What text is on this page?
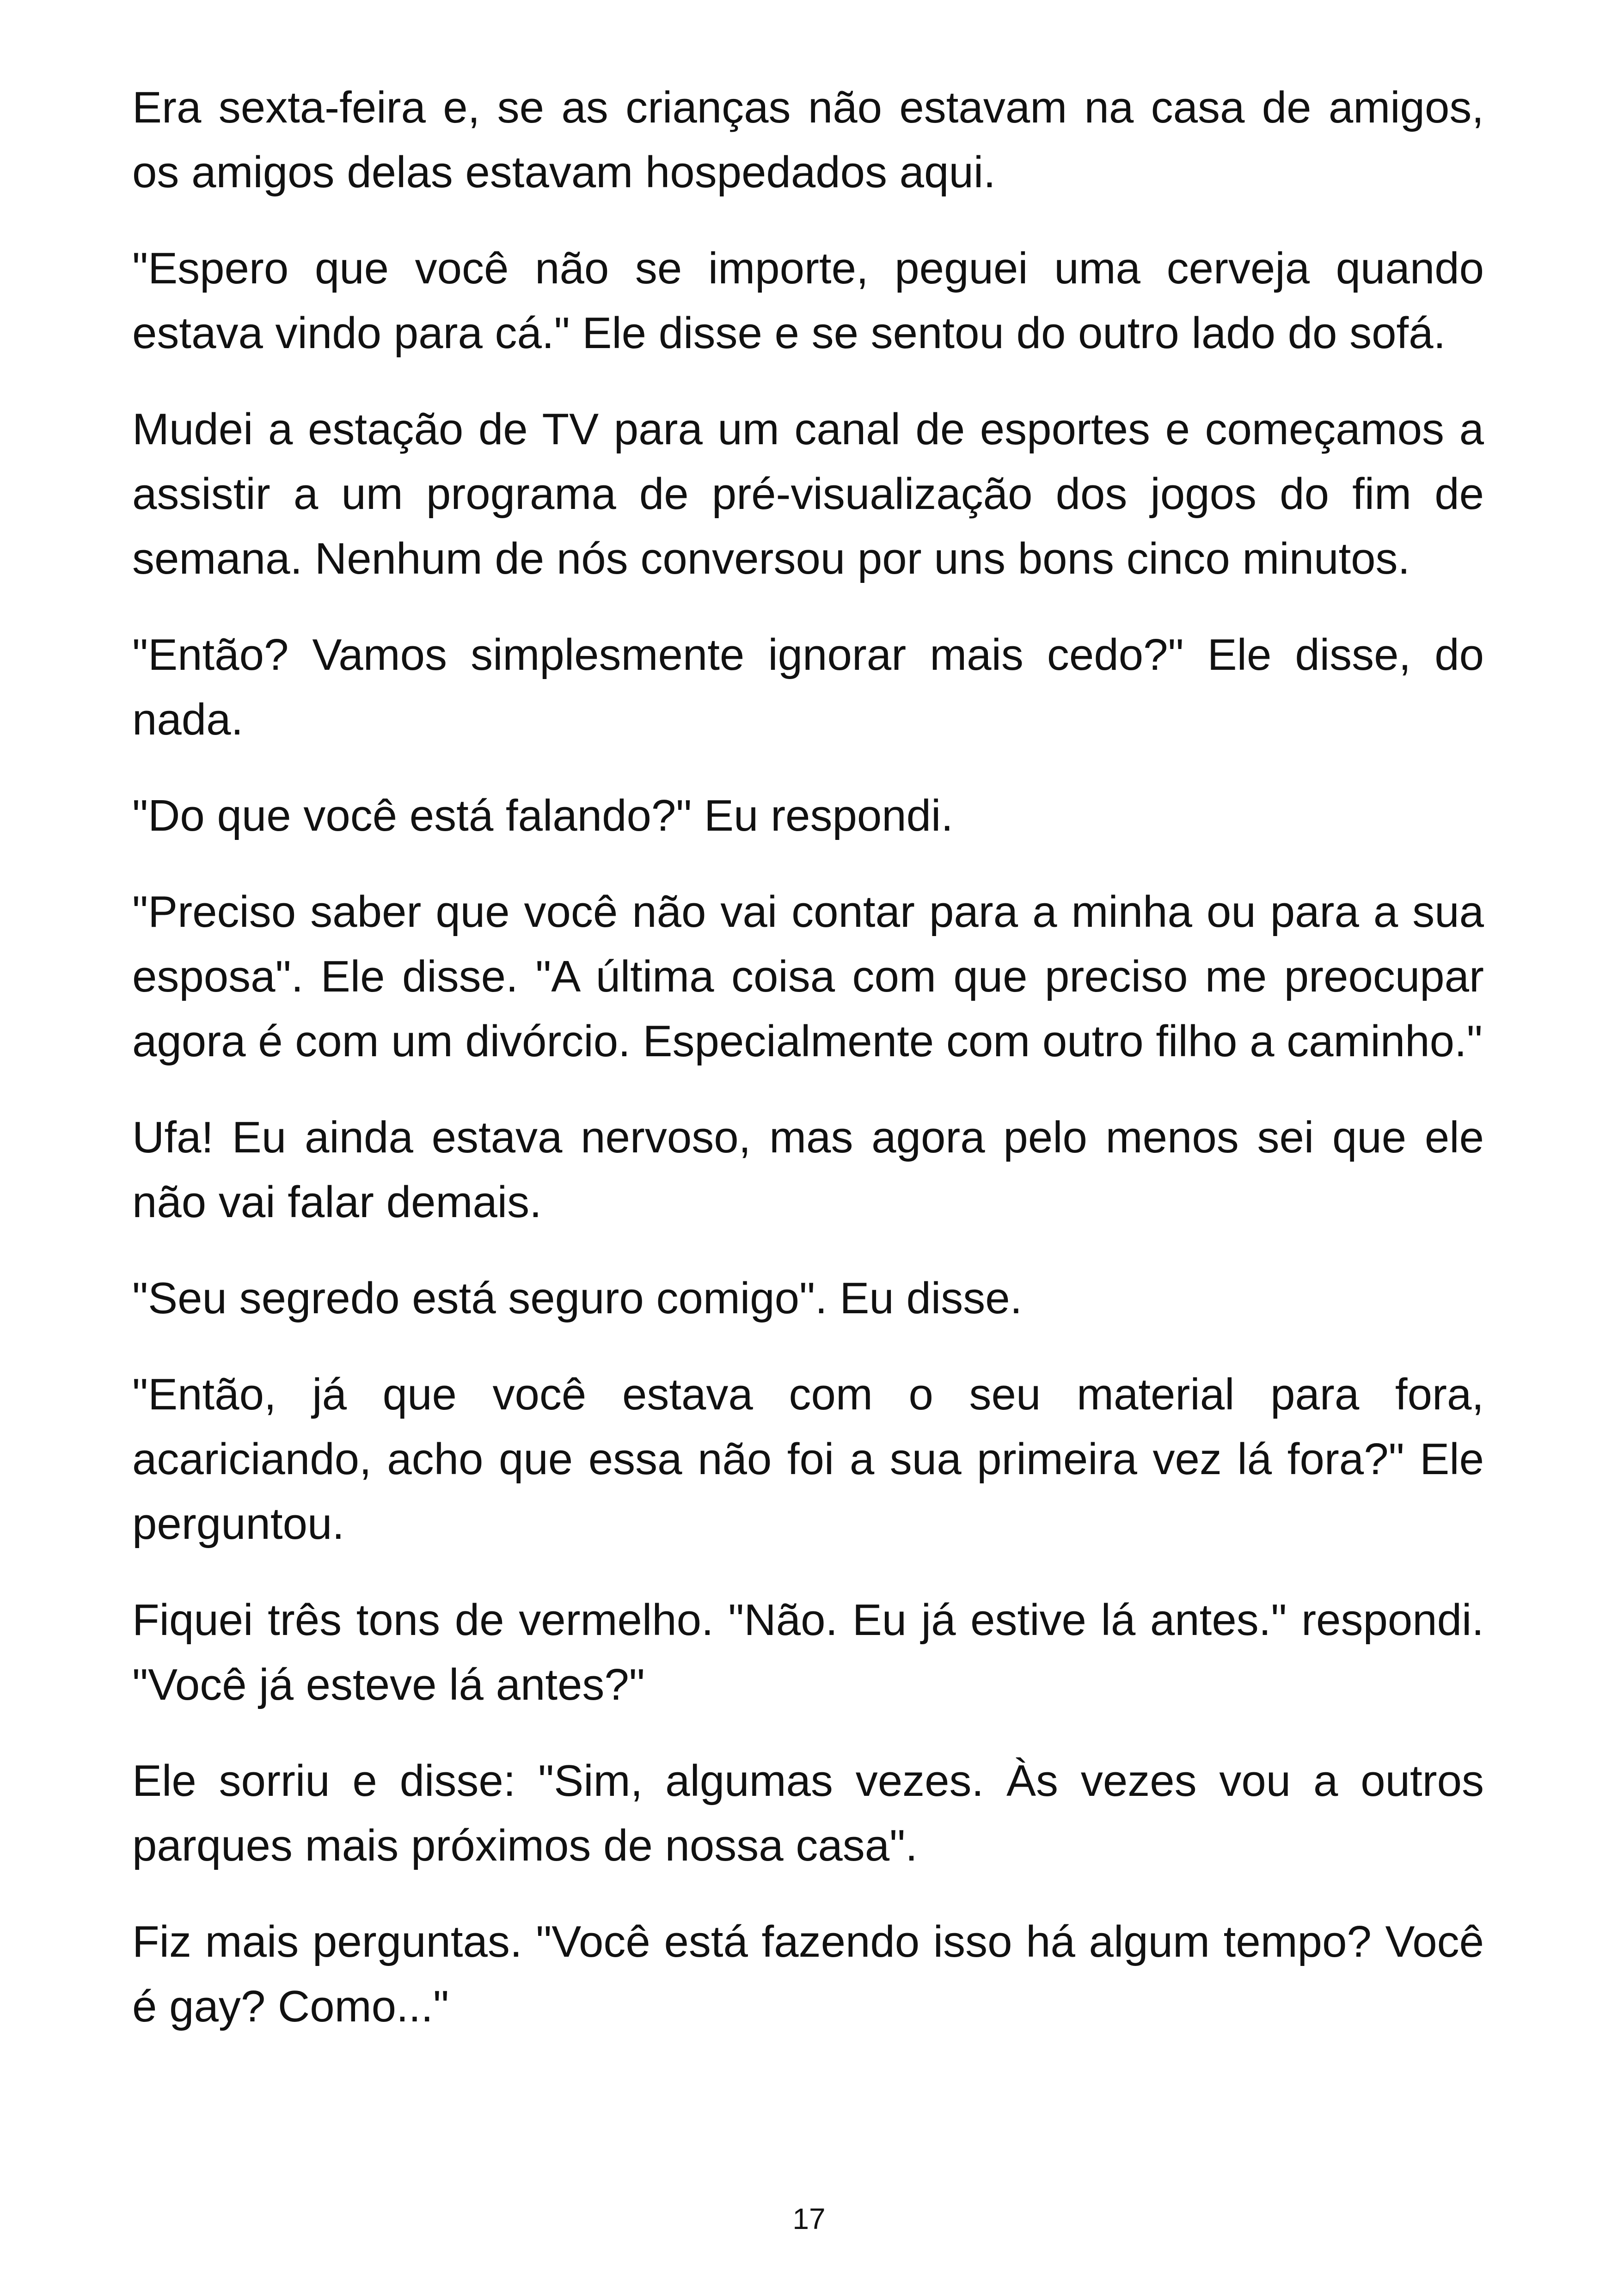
Era sexta-feira e, se as crianças não estavam na casa de amigos, os amigos delas estavam hospedados aqui.

"Espero que você não se importe, peguei uma cerveja quando estava vindo para cá." Ele disse e se sentou do outro lado do sofá.

Mudei a estação de TV para um canal de esportes e começamos a assistir a um programa de pré-visualização dos jogos do fim de semana. Nenhum de nós conversou por uns bons cinco minutos.

"Então? Vamos simplesmente ignorar mais cedo?" Ele disse, do nada.

"Do que você está falando?" Eu respondi.

"Preciso saber que você não vai contar para a minha ou para a sua esposa". Ele disse. "A última coisa com que preciso me preocupar agora é com um divórcio. Especialmente com outro filho a caminho."

Ufa! Eu ainda estava nervoso, mas agora pelo menos sei que ele não vai falar demais.

"Seu segredo está seguro comigo". Eu disse.

"Então, já que você estava com o seu material para fora, acariciando, acho que essa não foi a sua primeira vez lá fora?" Ele perguntou.

Fiquei três tons de vermelho. "Não. Eu já estive lá antes." respondi. "Você já esteve lá antes?"

Ele sorriu e disse: "Sim, algumas vezes. Às vezes vou a outros parques mais próximos de nossa casa".

Fiz mais perguntas. "Você está fazendo isso há algum tempo? Você é gay? Como..."

17
